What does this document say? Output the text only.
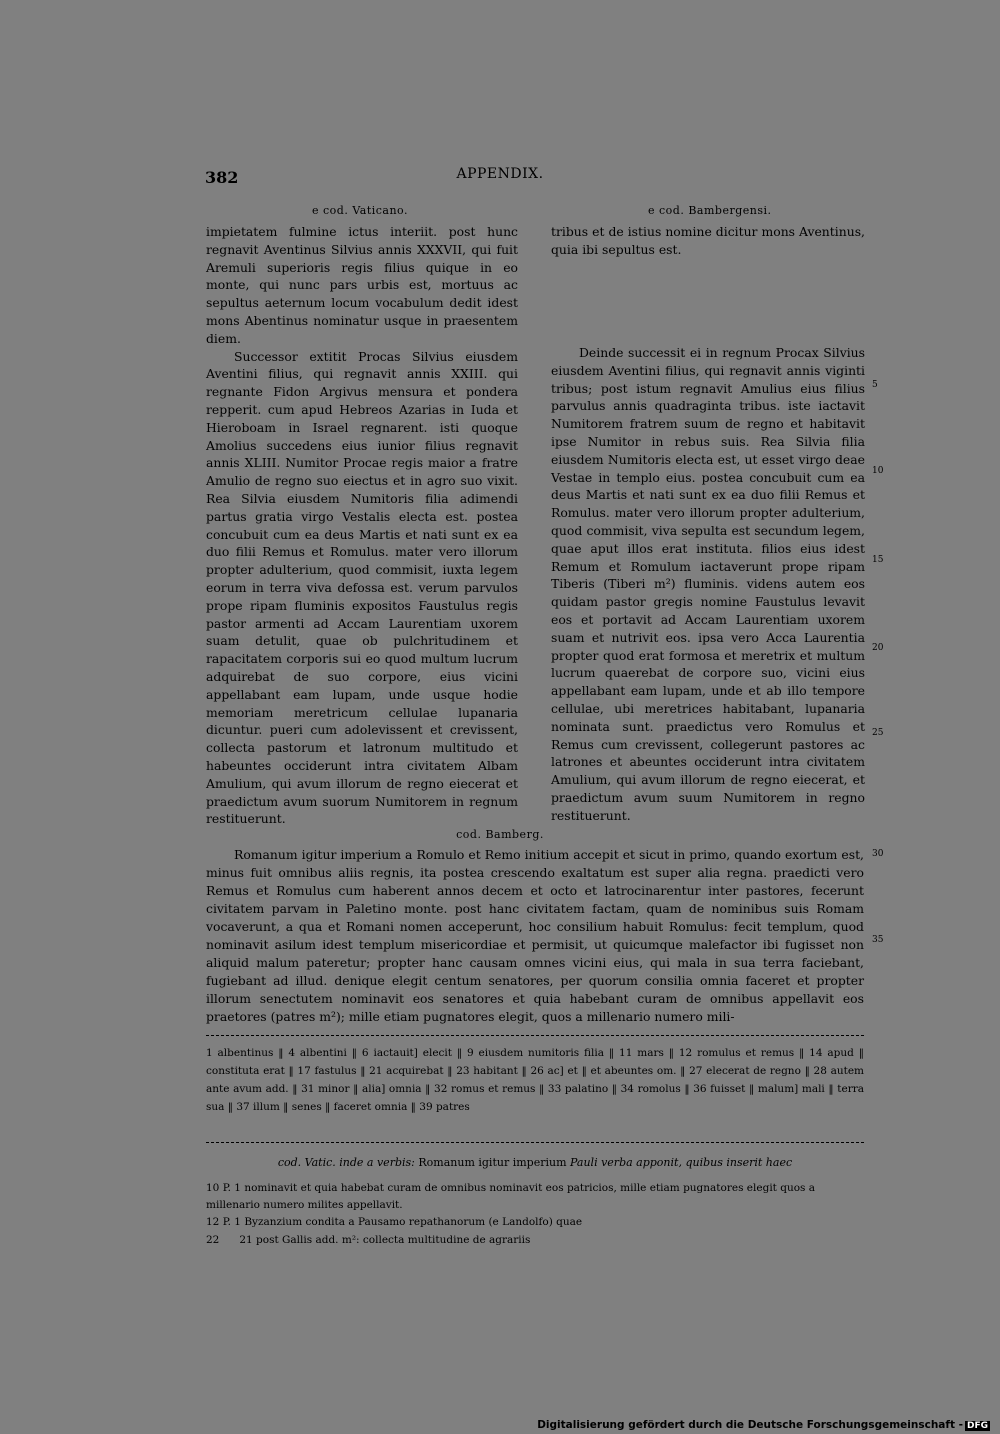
382	APPENDIX.
e cod. Vaticano.	e cod. Bambergensi.

impietatem fulmine ictus interiit. post hunc regnavit Aventinus Silvius annis XXXVII, qui fuit Aremuli superioris regis filius quique in eo monte, qui nunc pars urbis est, mortuus ac sepultus aeternum locum vocabulum dedit idest mons Abentinus nominatur usque in praesentem diem.

Successor extitit Procas Silvius eiusdem Aventini filius, qui regnavit annis XXIII. qui regnante Fidon Argivus mensura et pondera repperit. cum apud Hebreos Azarias in Iuda et Hieroboam in Israel regnarent. isti quoque Amolius succedens eius iunior filius regnavit annis XLIII. Numitor Procae regis maior a fratre Amulio de regno suo eiectus et in agro suo vixit. Rea Silvia eiusdem Numitoris filia adimendi partus gratia virgo Vestalis electa est. postea concubuit cum ea deus Martis et nati sunt ex ea duo filii Remus et Romulus. mater vero illorum propter adulterium, quod commisit, iuxta legem eorum in terra viva defossa est. verum parvulos prope ripam fluminis expositos Faustulus regis pastor armenti ad Accam Laurentiam uxorem suam detulit, quae ob pulchritudinem et rapacitatem corporis sui eo quod multum lucrum adquirebat de suo corpore, eius vicini appellabant eam lupam, unde usque hodie memoriam meretricum cellulae lupanaria dicuntur. pueri cum adolevissent et crevissent, collecta pastorum et latronum multitudo et habeuntes occiderunt intra civitatem Albam Amulium, qui avum illorum de regno eiecerat et praedictum avum suorum Numitorem in regnum restituerunt.

tribus et de istius nomine dicitur mons Aventinus, quia ibi sepultus est.

Deinde successit ei in regnum Procax Silvius eiusdem Aventini filius, qui regnavit annis viginti tribus; post istum regnavit Amulius eius filius parvulus annis quadraginta tribus. iste iactavit Numitorem fratrem suum de regno et habitavit ipse Numitor in rebus suis. Rea Silvia filia eiusdem Numitoris electa est, ut esset virgo deae Vestae in templo eius. postea concubuit cum ea deus Martis et nati sunt ex ea duo filii Remus et Romulus. mater vero illorum propter adulterium, quod commisit, viva sepulta est secundum legem, quae aput illos erat instituta. filios eius idest Remum et Romulum iactaverunt prope ripam Tiberis (Tiberi m²) fluminis. videns autem eos quidam pastor gregis nomine Faustulus levavit eos et portavit ad Accam Laurentiam uxorem suam et nutrivit eos. ipsa vero Acca Laurentia propter quod erat formosa et meretrix et multum lucrum quaerebat de corpore suo, vicini eius appellabant eam lupam, unde et ab illo tempore cellulae, ubi meretrices habitabant, lupanaria nominata sunt. praedictus vero Romulus et Remus cum crevissent, collegerunt pastores ac latrones et abeuntes occiderunt intra civitatem Amulium, qui avum illorum de regno eiecerat, et praedictum avum suum Numitorem in regno restituerunt.

5
10
15
20
25
30
35
cod. Bamberg.

Romanum igitur imperium a Romulo et Remo initium accepit et sicut in primo, quando exortum est, minus fuit omnibus aliis regnis, ita postea crescendo exaltatum est super alia regna. praedicti vero Remus et Romulus cum haberent annos decem et octo et latrocinarentur inter pastores, fecerunt civitatem parvam in Paletino monte. post hanc civitatem factam, quam de nominibus suis Romam vocaverunt, a qua et Romani nomen acceperunt, hoc consilium habuit Romulus: fecit templum, quod nominavit asilum idest templum misericordiae et permisit, ut quicumque malefactor ibi fugisset non aliquid malum pateretur; propter hanc causam omnes vicini eius, qui mala in sua terra faciebant, fugiebant ad illud. denique elegit centum senatores, per quorum consilia omnia faceret et propter illorum senectutem nominavit eos senatores et quia habebant curam de omnibus appellavit eos praetores (patres m²); mille etiam pugnatores elegit, quos a millenario numero mili-

1 albentinus ‖ 4 albentini ‖ 6 iactauit] elecit ‖ 9 eiusdem numitoris filia ‖ 11 mars ‖ 12 romulus et remus ‖ 14 apud ‖ constituta erat ‖ 17 fastulus ‖ 21 acquirebat ‖ 23 habitant ‖ 26 ac] et ‖ et abeuntes om. ‖ 27 elecerat de regno ‖ 28 autem ante avum add. ‖ 31 minor ‖ alia] omnia ‖ 32 romus et remus ‖ 33 palatino ‖ 34 romolus ‖ 36 fuisset ‖ malum] mali ‖ terra sua ‖ 37 illum ‖ senes ‖ faceret omnia ‖ 39 patres

cod. Vatic. inde a verbis: Romanum igitur imperium Pauli verba apponit, quibus inserit haec
10 P. 1 nominavit et quia habebat curam de omnibus nominavit eos patricios, mille etiam pugnatores elegit quos a millenario numero milites appellavit.
12 P. 1 Byzanzium condita a Pausamo repathanorum (e Landolfo) quae
22 21 post Gallis add. m²: collecta multitudine de agrariis
Digitalisierung gefördert durch die Deutsche Forschungsgemeinschaft - DFG
